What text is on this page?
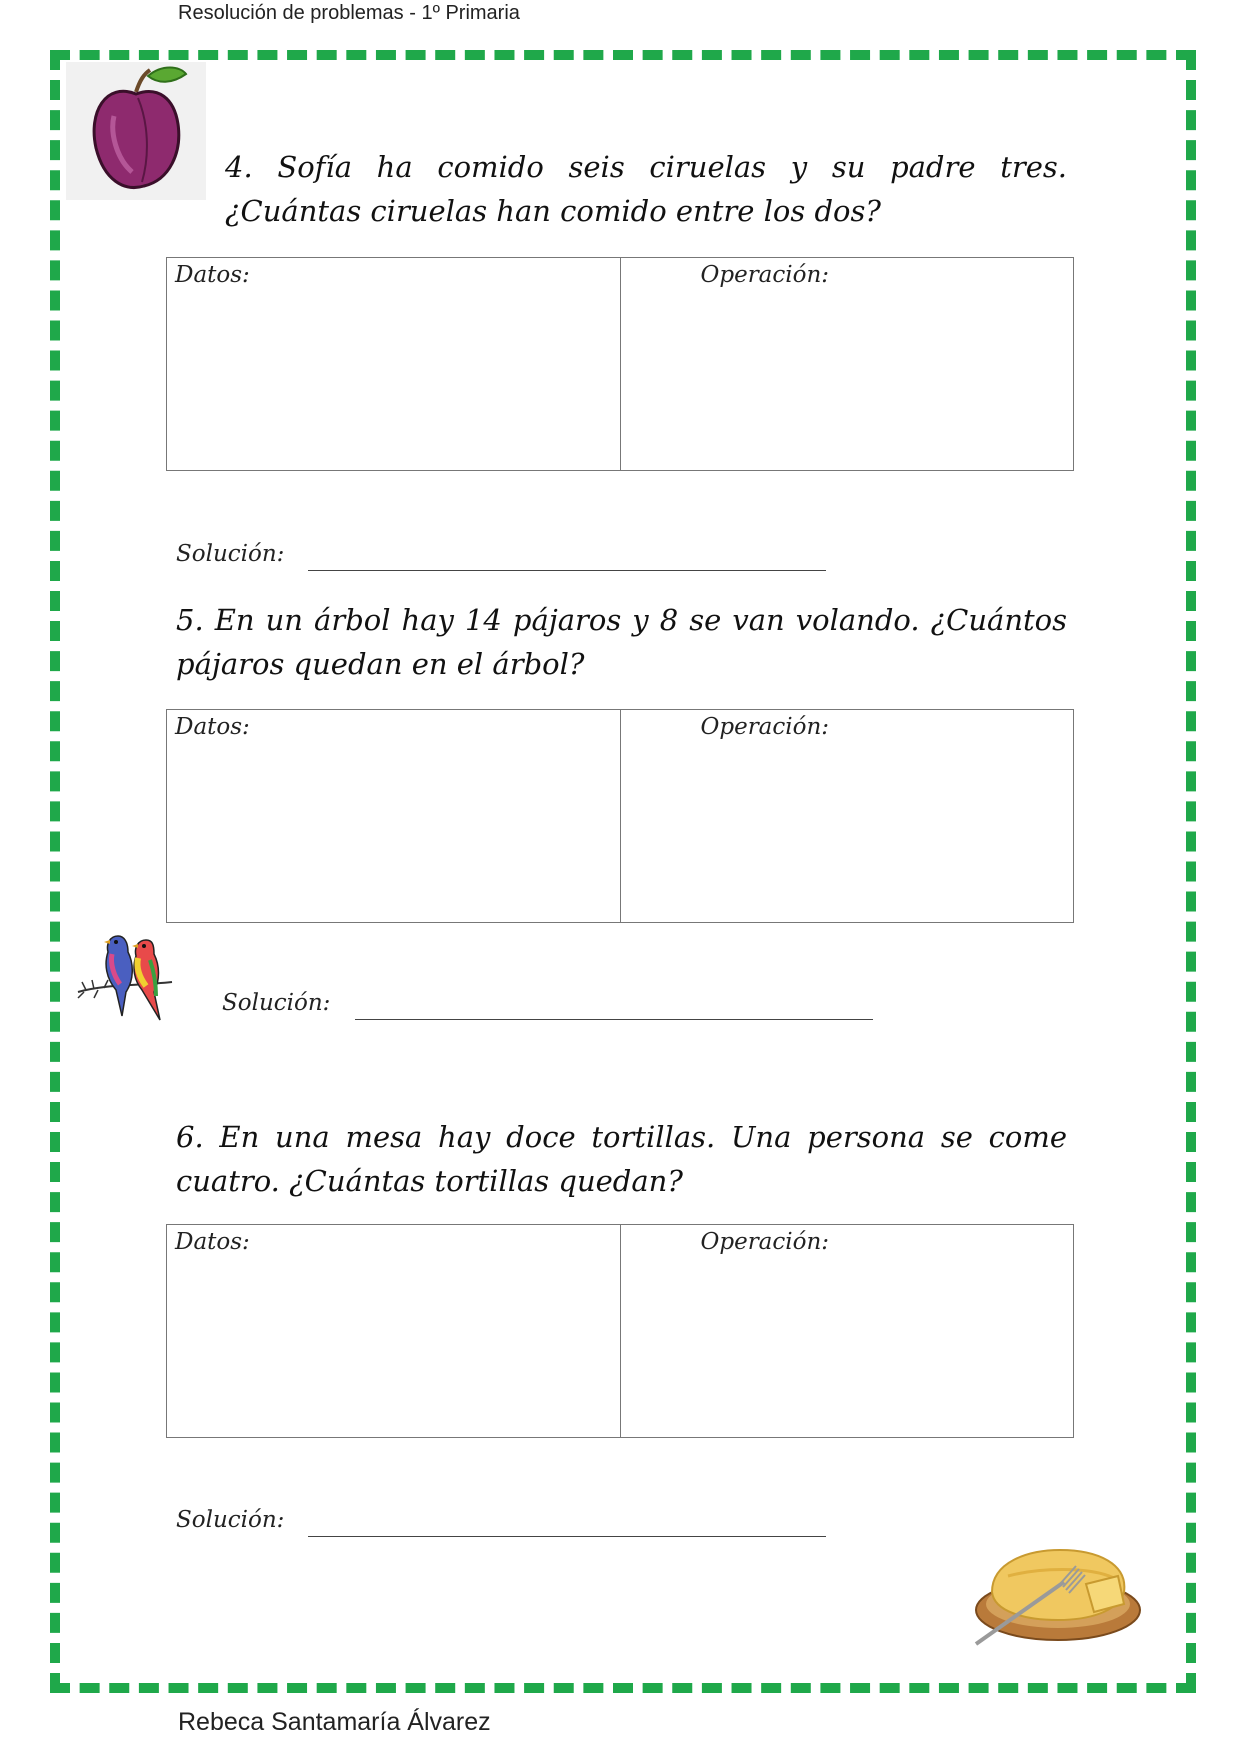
Resolución de problemas - 1º Primaria
4. Sofía ha comido seis ciruelas y su padre tres. ¿Cuántas ciruelas han comido entre los dos?
Datos:	Operación:
Solución:
5. En un árbol hay 14 pájaros y 8 se van volando. ¿Cuántos pájaros quedan en el árbol?
Datos:	Operación:
Solución:
6. En una mesa hay doce tortillas. Una persona se come cuatro. ¿Cuántas tortillas quedan?
Datos:	Operación:
Solución:
Rebeca Santamaría Álvarez
